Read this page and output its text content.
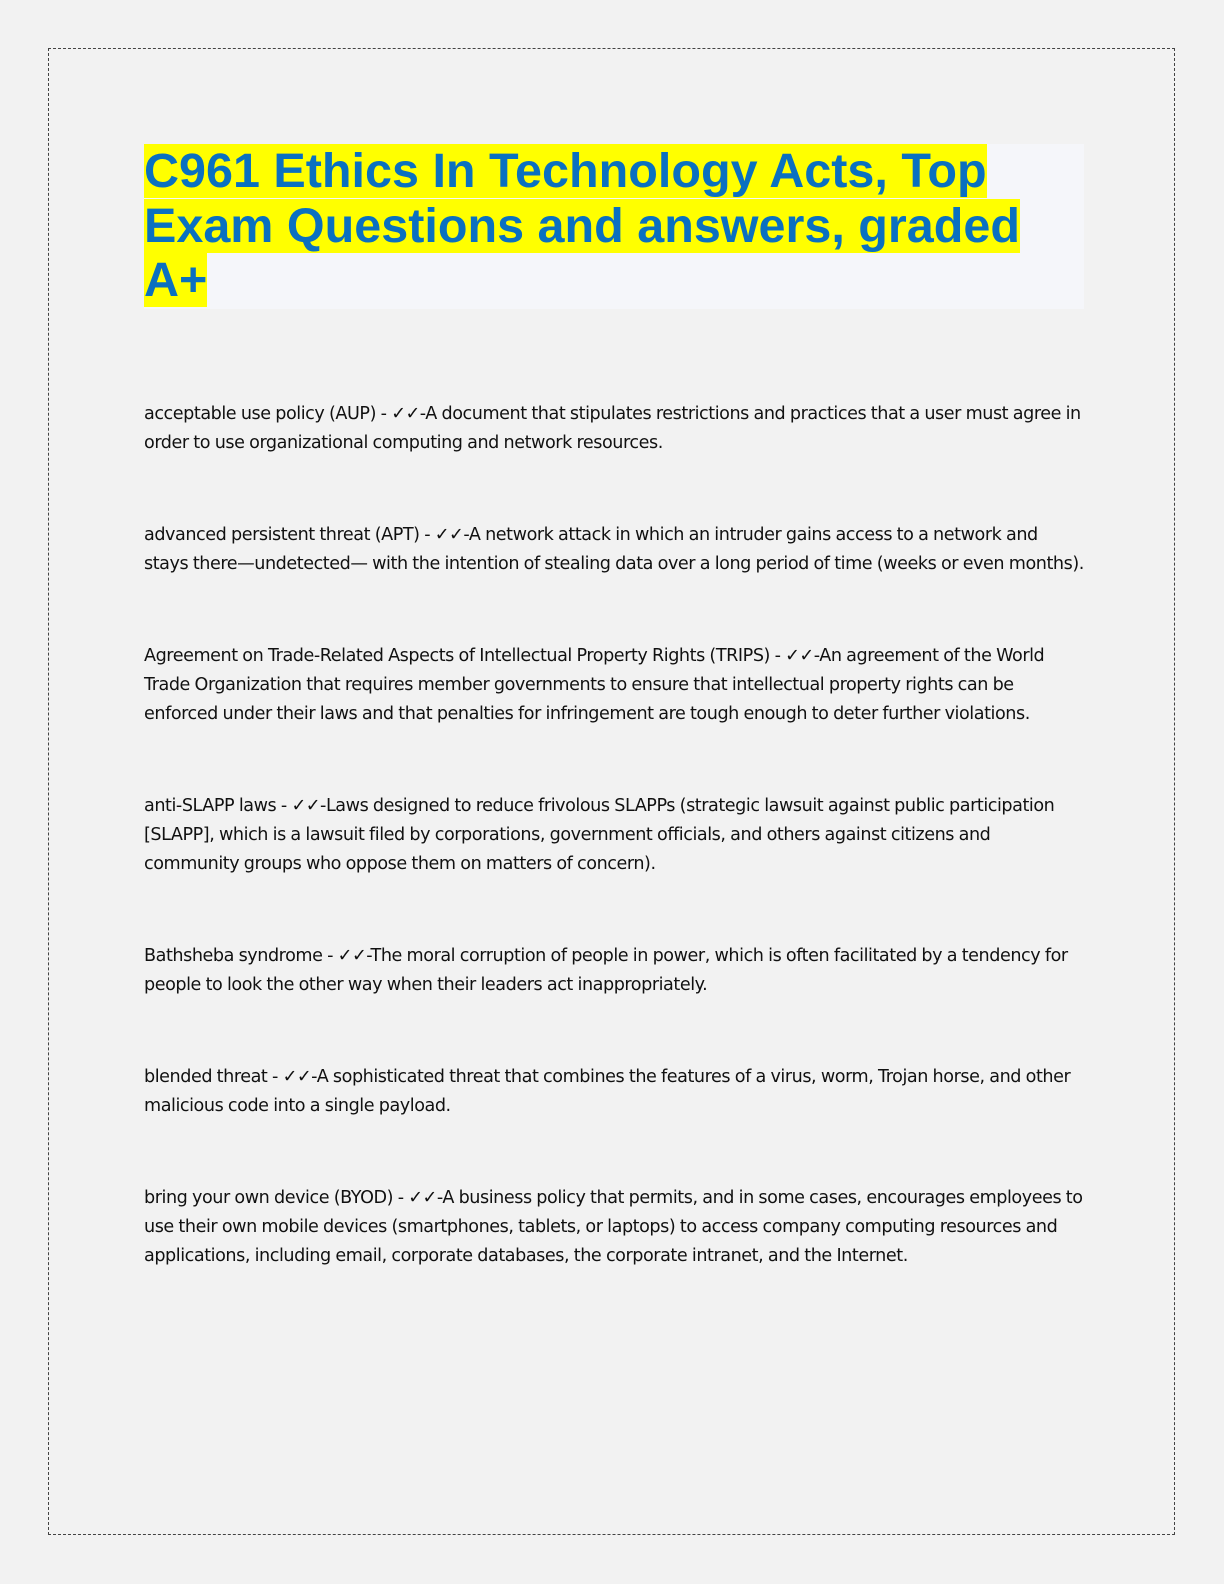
C961 Ethics In Technology Acts, Top Exam Questions and answers, graded A+

acceptable use policy (AUP) - ✓✓-A document that stipulates restrictions and practices that a user must agree in order to use organizational computing and network resources.

advanced persistent threat (APT) - ✓✓-A network attack in which an intruder gains access to a network and stays there—undetected— with the intention of stealing data over a long period of time (weeks or even months).

Agreement on Trade-Related Aspects of Intellectual Property Rights (TRIPS) - ✓✓-An agreement of the World Trade Organization that requires member governments to ensure that intellectual property rights can be enforced under their laws and that penalties for infringement are tough enough to deter further violations.

anti-SLAPP laws - ✓✓-Laws designed to reduce frivolous SLAPPs (strategic lawsuit against public participation [SLAPP], which is a lawsuit filed by corporations, government officials, and others against citizens and community groups who oppose them on matters of concern).

Bathsheba syndrome - ✓✓-The moral corruption of people in power, which is often facilitated by a tendency for people to look the other way when their leaders act inappropriately.

blended threat - ✓✓-A sophisticated threat that combines the features of a virus, worm, Trojan horse, and other malicious code into a single payload.

bring your own device (BYOD) - ✓✓-A business policy that permits, and in some cases, encourages employees to use their own mobile devices (smartphones, tablets, or laptops) to access company computing resources and applications, including email, corporate databases, the corporate intranet, and the Internet.
